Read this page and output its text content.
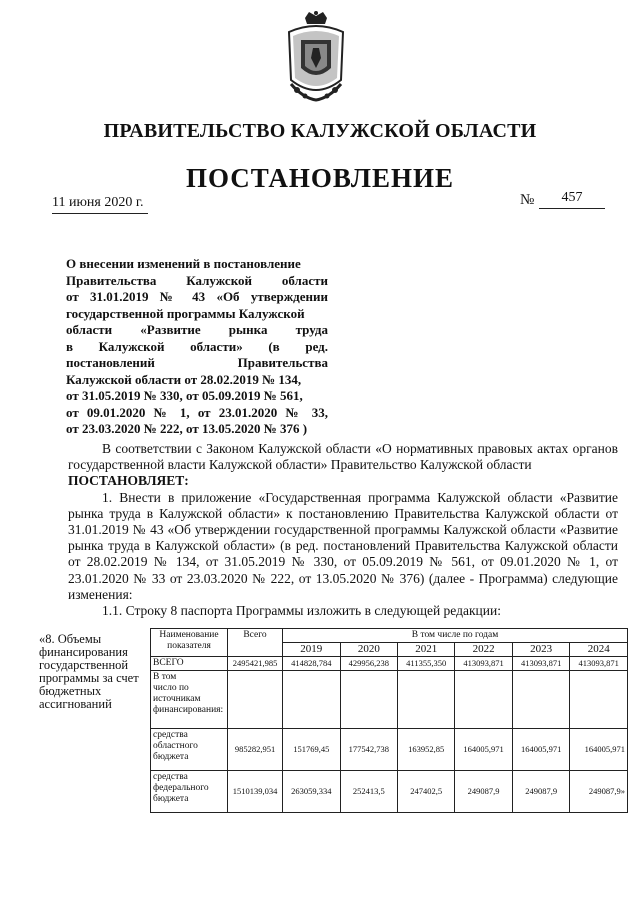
ПРАВИТЕЛЬСТВО КАЛУЖСКОЙ ОБЛАСТИ
ПОСТАНОВЛЕНИЕ
11 июня 2020 г.	№	457

О внесении изменений в постановление

Правительства Калужской области

от 31.01.2019 № 43 «Об утверждении

государственной программы Калужской

области «Развитие рынка труда

в Калужской области» (в ред.

постановлений Правительства

Калужской области от 28.02.2019 № 134,

от 31.05.2019 № 330, от 05.09.2019 № 561,

от 09.01.2020 № 1, от 23.01.2020 № 33,

от 23.03.2020 № 222, от 13.05.2020 № 376 )

В соответствии с Законом Калужской области «О нормативных правовых актах органов государственной власти Калужской области» Правительство Калужской области

ПОСТАНОВЛЯЕТ:

1. Внести в приложение «Государственная программа Калужской области «Развитие рынка труда в Калужской области» к постановлению Правительства Калужской области от 31.01.2019 № 43 «Об утверждении государственной программы Калужской области «Развитие рынка труда в Калужской области» (в ред. постановлений Правительства Калужской области от 28.02.2019 № 134, от 31.05.2019 № 330, от 05.09.2019 № 561, от 09.01.2020 № 1, от 23.01.2020 № 33 от 23.03.2020 № 222, от 13.05.2020 № 376) (далее - Программа) следующие изменения:

1.1. Строку 8 паспорта Программы изложить в следующей редакции:

«8. Объемы финансирования государственной программы за счет бюджетных ассигнований	Наименование показателя	Всего	В том числе по годам					
			2019	2020	2021	2022	2023	2024
	ВСЕГО	2495421,985	414828,784	429956,238	411355,350	413093,871	413093,871	413093,871
	В том
число по источникам финансирования:							
	средства областного бюджета	985282,951	151769,45	177542,738	163952,85	164005,971	164005,971	164005,971
	средства федерального бюджета	1510139,034	263059,334	252413,5	247402,5	249087,9	249087,9	249087,9»
